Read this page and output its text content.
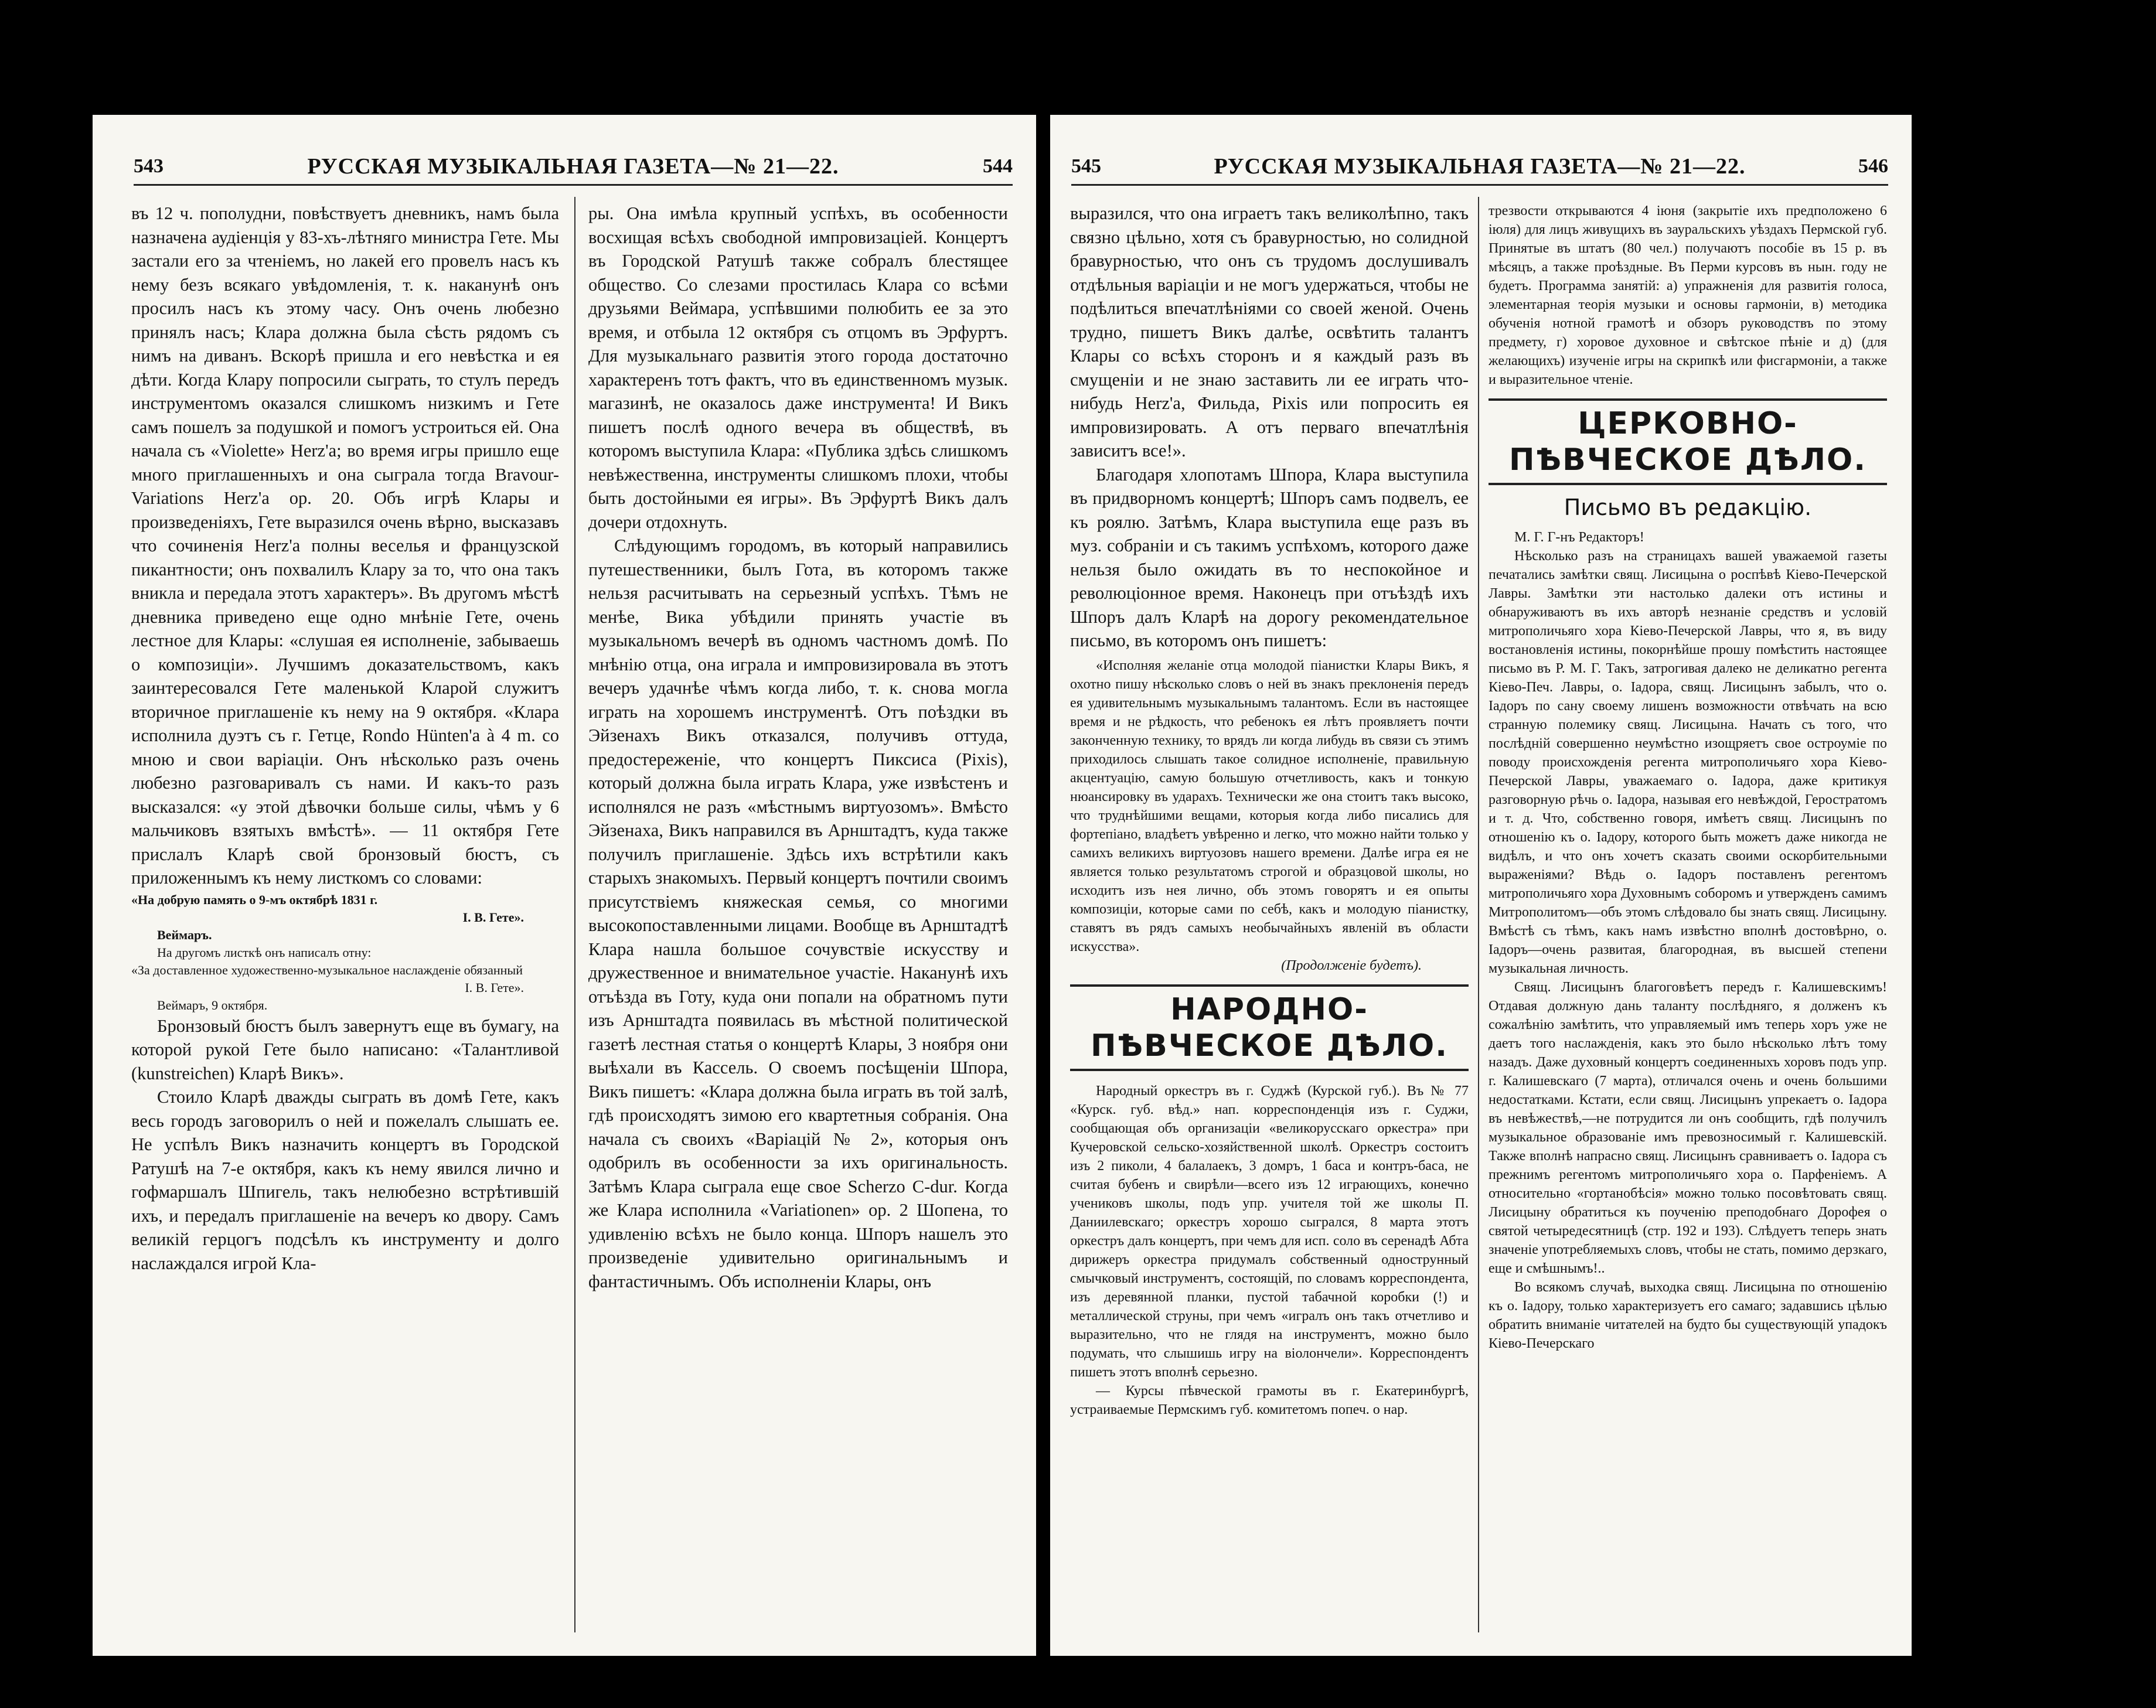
543	РУССКАЯ МУЗЫКАЛЬНАЯ ГАЗЕТА—№ 21—22.	544

въ 12 ч. пополудни, повѣствуетъ дневникъ, намъ была назначена аудіенція у 83-хъ-лѣтняго министра Гете. Мы застали его за чтеніемъ, но лакей его провелъ насъ къ нему безъ всякаго увѣдомленія, т. к. наканунѣ онъ просилъ насъ къ этому часу. Онъ очень любезно принялъ насъ; Клара должна была сѣсть рядомъ съ нимъ на диванъ. Вскорѣ пришла и его невѣстка и ея дѣти. Когда Клару попросили сыграть, то стулъ передъ инструментомъ оказался слишкомъ низкимъ и Гете самъ пошелъ за подушкой и помогъ устроиться ей. Она начала съ «Violette» Herz'а; во время игры пришло еще много приглашенныхъ и она сыграла тогда Bravour-Variations Herz'а ор. 20. Объ игрѣ Клары и произведеніяхъ, Гете выразился очень вѣрно, высказавъ что сочиненія Herz'а полны веселья и французской пикантности; онъ похвалилъ Клару за то, что она такъ вникла и передала этотъ характеръ». Въ другомъ мѣстѣ дневника приведено еще одно мнѣніе Гете, очень лестное для Клары: «слушая ея исполненіе, забываешь о композиціи». Лучшимъ доказательствомъ, какъ заинтересовался Гете маленькой Кларой служитъ вторичное приглашеніе къ нему на 9 октября. «Клара исполнила дуэтъ съ г. Гетце, Rondo Hünten'а à 4 m. со мною и свои варіаціи. Онъ нѣсколько разъ очень любезно разговаривалъ съ нами. И какъ-то разъ высказался: «у этой дѣвочки больше силы, чѣмъ у 6 мальчиковъ взятыхъ вмѣстѣ». — 11 октября Гете прислалъ Кларѣ свой бронзовый бюстъ, съ приложеннымъ къ нему листкомъ со словами:

«На добрую память о 9-мъ октябрѣ 1831 г.

І. В. Гете».

Веймаръ.

На другомъ листкѣ онъ написалъ отну:

«За доставленное художественно-музыкальное наслажденіе обязанный

І. В. Гете».

Веймаръ, 9 октября.

Бронзовый бюстъ былъ завернутъ еще въ бумагу, на которой рукой Гете было написано: «Талантливой (kunstreichen) Кларѣ Викъ».

Стоило Кларѣ дважды сыграть въ домѣ Гете, какъ весь городъ заговорилъ о ней и пожелалъ слышать ее. Не успѣлъ Викъ назначить концертъ въ Городской Ратушѣ на 7-е октября, какъ къ нему явился лично и гофмаршалъ Шпигель, такъ нелюбезно встрѣтившій ихъ, и передалъ приглашеніе на вечеръ ко двору. Самъ великій герцогъ подсѣлъ къ инструменту и долго наслаждался игрой Кла-

ры. Она имѣла крупный успѣхъ, въ особенности восхищая всѣхъ свободной импровизаціей. Концертъ въ Городской Ратушѣ также собралъ блестящее общество. Со слезами простилась Клара со всѣми друзьями Веймара, успѣвшими полюбить ее за это время, и отбыла 12 октября съ отцомъ въ Эрфуртъ. Для музыкальнаго развитія этого города достаточно характеренъ тотъ фактъ, что въ единственномъ музык. магазинѣ, не оказалось даже инструмента! И Викъ пишетъ послѣ одного вечера въ обществѣ, въ которомъ выступила Клара: «Публика здѣсь слишкомъ невѣжественна, инструменты слишкомъ плохи, чтобы быть достойными ея игры». Въ Эрфуртѣ Викъ далъ дочери отдохнуть.

Слѣдующимъ городомъ, въ который направились путешественники, былъ Гота, въ которомъ также нельзя расчитывать на серьезный успѣхъ. Тѣмъ не менѣе, Вика убѣдили принять участіе въ музыкальномъ вечерѣ въ одномъ частномъ домѣ. По мнѣнію отца, она играла и импровизировала въ этотъ вечеръ удачнѣе чѣмъ когда либо, т. к. снова могла играть на хорошемъ инструментѣ. Отъ поѣздки въ Эйзенахъ Викъ отказался, получивъ оттуда, предостереженіе, что концертъ Пиксиса (Pixis), который должна была играть Клара, уже извѣстенъ и исполнялся не разъ «мѣстнымъ виртуозомъ». Вмѣсто Эйзенаха, Викъ направился въ Арнштадтъ, куда также получилъ приглашеніе. Здѣсь ихъ встрѣтили какъ старыхъ знакомыхъ. Первый концертъ почтили своимъ присутствіемъ княжеская семья, со многими высокопоставленными лицами. Вообще въ Арнштадтѣ Клара нашла большое сочувствіе искусству и дружественное и внимательное участіе. Наканунѣ ихъ отъѣзда въ Готу, куда они попали на обратномъ пути изъ Арнштадта появилась въ мѣстной политической газетѣ лестная статья о концертѣ Клары, 3 ноября они выѣхали въ Кассель. О своемъ посѣщеніи Шпора, Викъ пишетъ: «Клара должна была играть въ той залѣ, гдѣ происходятъ зимою его квартетныя собранія. Она начала съ своихъ «Варіацій № 2», которыя онъ одобрилъ въ особенности за ихъ оригинальность. Затѣмъ Клара сыграла еще свое Scherzo C-dur. Когда же Клара исполнила «Variationen» ор. 2 Шопена, то удивленію всѣхъ не было конца. Шпоръ нашелъ это произведеніе удивительно оригинальнымъ и фантастичнымъ. Объ исполненіи Клары, онъ

545	РУССКАЯ МУЗЫКАЛЬНАЯ ГАЗЕТА—№ 21—22.	546

выразился, что она играетъ такъ великолѣпно, такъ связно цѣльно, хотя съ бравурностью, но солидной бравурностью, что онъ съ трудомъ дослушивалъ отдѣльныя варіаціи и не могъ удержаться, чтобы не подѣлиться впечатлѣніями со своей женой. Очень трудно, пишетъ Викъ далѣе, освѣтить талантъ Клары со всѣхъ сторонъ и я каждый разъ въ смущеніи и не знаю заставить ли ее играть что-нибудь Herz'а, Фильда, Pixis или попросить ея импровизировать. А отъ перваго впечатлѣнія зависитъ все!».

Благодаря хлопотамъ Шпора, Клара выступила въ придворномъ концертѣ; Шпоръ самъ подвелъ, ее къ роялю. Затѣмъ, Клара выступила еще разъ въ муз. собраніи и съ такимъ успѣхомъ, которого даже нельзя было ожидать въ то неспокойное и революціонное время. Наконецъ при отъѣздѣ ихъ Шпоръ далъ Кларѣ на дорогу рекомендательное письмо, въ которомъ онъ пишетъ:

«Исполняя желаніе отца молодой піанистки Клары Викъ, я охотно пишу нѣсколько словъ о ней въ знакъ преклоненія передъ ея удивительнымъ музыкальнымъ талантомъ. Если въ настоящее время и не рѣдкость, что ребенокъ ея лѣтъ проявляетъ почти законченную технику, то врядъ ли когда либудь въ связи съ этимъ приходилось слышать такое солидное исполненіе, правильную акцентуацію, самую большую отчетливость, какъ и тонкую нюансировку въ ударахъ. Технически же она стоитъ такъ высоко, что труднѣйшими вещами, которыя когда либо писались для фортепіано, владѣетъ увѣренно и легко, что можно найти только у самихъ великихъ виртуозовъ нашего времени. Далѣе игра ея не является только результатомъ строгой и образцовой школы, но исходитъ изъ нея лично, объ этомъ говорятъ и ея опыты композиціи, которые сами по себѣ, какъ и молодую піанистку, ставятъ въ рядъ самыхъ необычайныхъ явленій въ области искусства».

(Продолженіе будетъ).

НАРОДНО-ПѢВЧЕСКОЕ ДѢЛО.

Народный оркестръ въ г. Суджѣ (Курской губ.). Въ № 77 «Курск. губ. вѣд.» нап. корреспонденція изъ г. Суджи, сообщающая объ организаціи «великорусскаго оркестра» при Кучеровской сельско-хозяйственной школѣ. Оркестръ состоитъ изъ 2 пиколи, 4 балалаекъ, 3 домръ, 1 баса и контръ-баса, не считая бубенъ и свирѣли—всего изъ 12 играющихъ, конечно учениковъ школы, подъ упр. учителя той же школы П. Даниилевскаго; оркестръ хорошо сыгрался, 8 марта этотъ оркестръ далъ концертъ, при чемъ для исп. соло въ серенадѣ Абта дирижеръ оркестра придумалъ собственный однострунный смычковый инструментъ, состоящій, по словамъ корреспондента, изъ деревянной планки, пустой табачной коробки (!) и металлической струны, при чемъ «игралъ онъ такъ отчетливо и выразительно, что не глядя на инструментъ, можно было подумать, что слышишь игру на віолончели». Корреспондентъ пишетъ этотъ вполнѣ серьезно.

— Курсы пѣвческой грамоты въ г. Екатеринбургѣ, устраиваемые Пермскимъ губ. комитетомъ попеч. о нар.

трезвости открываются 4 іюня (закрытіе ихъ предположено 6 іюля) для лицъ живущихъ въ зауральскихъ уѣздахъ Пермской губ. Принятые въ штатъ (80 чел.) получаютъ пособіе въ 15 р. въ мѣсяцъ, а также проѣздные. Въ Перми курсовъ въ нын. году не будетъ. Программа занятій: а) упражненія для развитія голоса, элементарная теорія музыки и основы гармоніи, в) методика обученія нотной грамотѣ и обзоръ руководствъ по этому предмету, г) хоровое духовное и свѣтское пѣніе и д) (для желающихъ) изученіе игры на скрипкѣ или фисгармоніи, а также и выразительное чтеніе.

ЦЕРКОВНО-ПѢВЧЕСКОЕ ДѢЛО.
Письмо въ редакцію.

М. Г. Г-нъ Редакторъ!

Нѣсколько разъ на страницахъ вашей уважаемой газеты печатались замѣтки свящ. Лисицына о роспѣвѣ Кіево-Печерской Лавры. Замѣтки эти настолько далеки отъ истины и обнаруживаютъ въ ихъ авторѣ незнаніе средствъ и условій митрополичьяго хора Кіево-Печерской Лавры, что я, въ виду востановленія истины, покорнѣйше прошу помѣстить настоящее письмо въ Р. М. Г. Такъ, затрогивая далеко не деликатно регента Кіево-Печ. Лавры, о. Іадора, свящ. Лисицынъ забылъ, что о. Іадоръ по сану своему лишенъ возможности отвѣчать на всю странную полемику свящ. Лисицына. Начать съ того, что послѣдній совершенно неумѣстно изощряетъ свое остроуміе по поводу происхожденія регента митрополичьяго хора Кіево-Печерской Лавры, уважаемаго о. Іадора, даже критикуя разговорную рѣчь о. Іадора, называя его невѣждой, Геростратомъ и т. д. Что, собственно говоря, имѣетъ свящ. Лисицынъ по отношенію къ о. Іадору, которого быть можетъ даже никогда не видѣлъ, и что онъ хочетъ сказать своими оскорбительными выраженіями? Вѣдь о. Іадоръ поставленъ регентомъ митрополичьяго хора Духовнымъ соборомъ и утвержденъ самимъ Митрополитомъ—объ этомъ слѣдовало бы знать свящ. Лисицыну. Вмѣстѣ съ тѣмъ, какъ намъ извѣстно вполнѣ достовѣрно, о. Іадоръ—очень развитая, благородная, въ высшей степени музыкальная личность.

Свящ. Лисицынъ благоговѣетъ передъ г. Калишевскимъ! Отдавая должную дань таланту послѣдняго, я долженъ къ сожалѣнію замѣтить, что управляемый имъ теперь хоръ уже не даетъ того наслажденія, какъ это было нѣсколько лѣтъ тому назадъ. Даже духовный концертъ соединенныхъ хоровъ подъ упр. г. Калишевскаго (7 марта), отличался очень и очень большими недостатками. Кстати, если свящ. Лисицынъ упрекаетъ о. Іадора въ невѣжествѣ,—не потрудится ли онъ сообщить, гдѣ получилъ музыкальное образованіе имъ превозносимый г. Калишевскій. Также вполнѣ напрасно свящ. Лисицынъ сравниваетъ о. Іадора съ прежнимъ регентомъ митрополичьяго хора о. Парфеніемъ. А относительно «гортанобѣсія» можно только посовѣтовать свящ. Лисицыну обратиться къ поученію преподобнаго Дорофея о святой четыредесятницѣ (стр. 192 и 193). Слѣдуетъ теперь знать значеніе употребляемыхъ словъ, чтобы не стать, помимо дерзкаго, еще и смѣшнымъ!..

Во всякомъ случаѣ, выходка свящ. Лисицына по отношенію къ о. Іадору, только характеризуетъ его самаго; задавшись цѣлью обратить вниманіе читателей на будто бы существующій упадокъ Кіево-Печерскаго
